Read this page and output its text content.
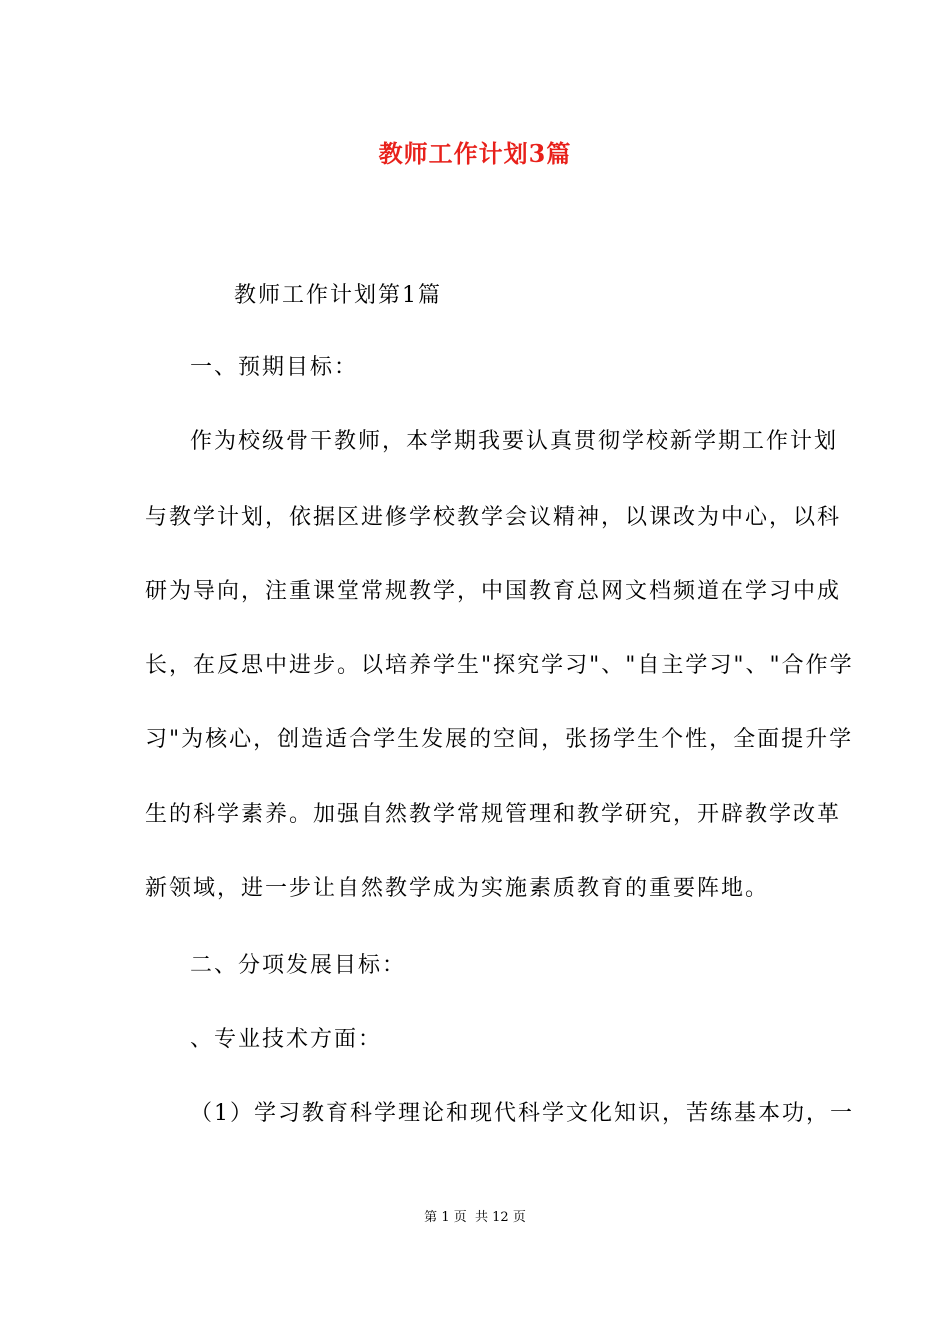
教师工作计划3篇
教师工作计划第1篇
一、预期目标：
作为校级骨干教师，本学期我要认真贯彻学校新学期工作计划
与教学计划，依据区进修学校教学会议精神，以课改为中心，以科
研为导向，注重课堂常规教学，中国教育总网文档频道在学习中成
长，在反思中进步。以培养学生"探究学习"、"自主学习"、"合作学
习"为核心，创造适合学生发展的空间，张扬学生个性，全面提升学
生的科学素养。加强自然教学常规管理和教学研究，开辟教学改革
新领域，进一步让自然教学成为实施素质教育的重要阵地。
二、分项发展目标：
、专业技术方面：
（1）学习教育科学理论和现代科学文化知识，苦练基本功，一
第 1 页  共 12 页
